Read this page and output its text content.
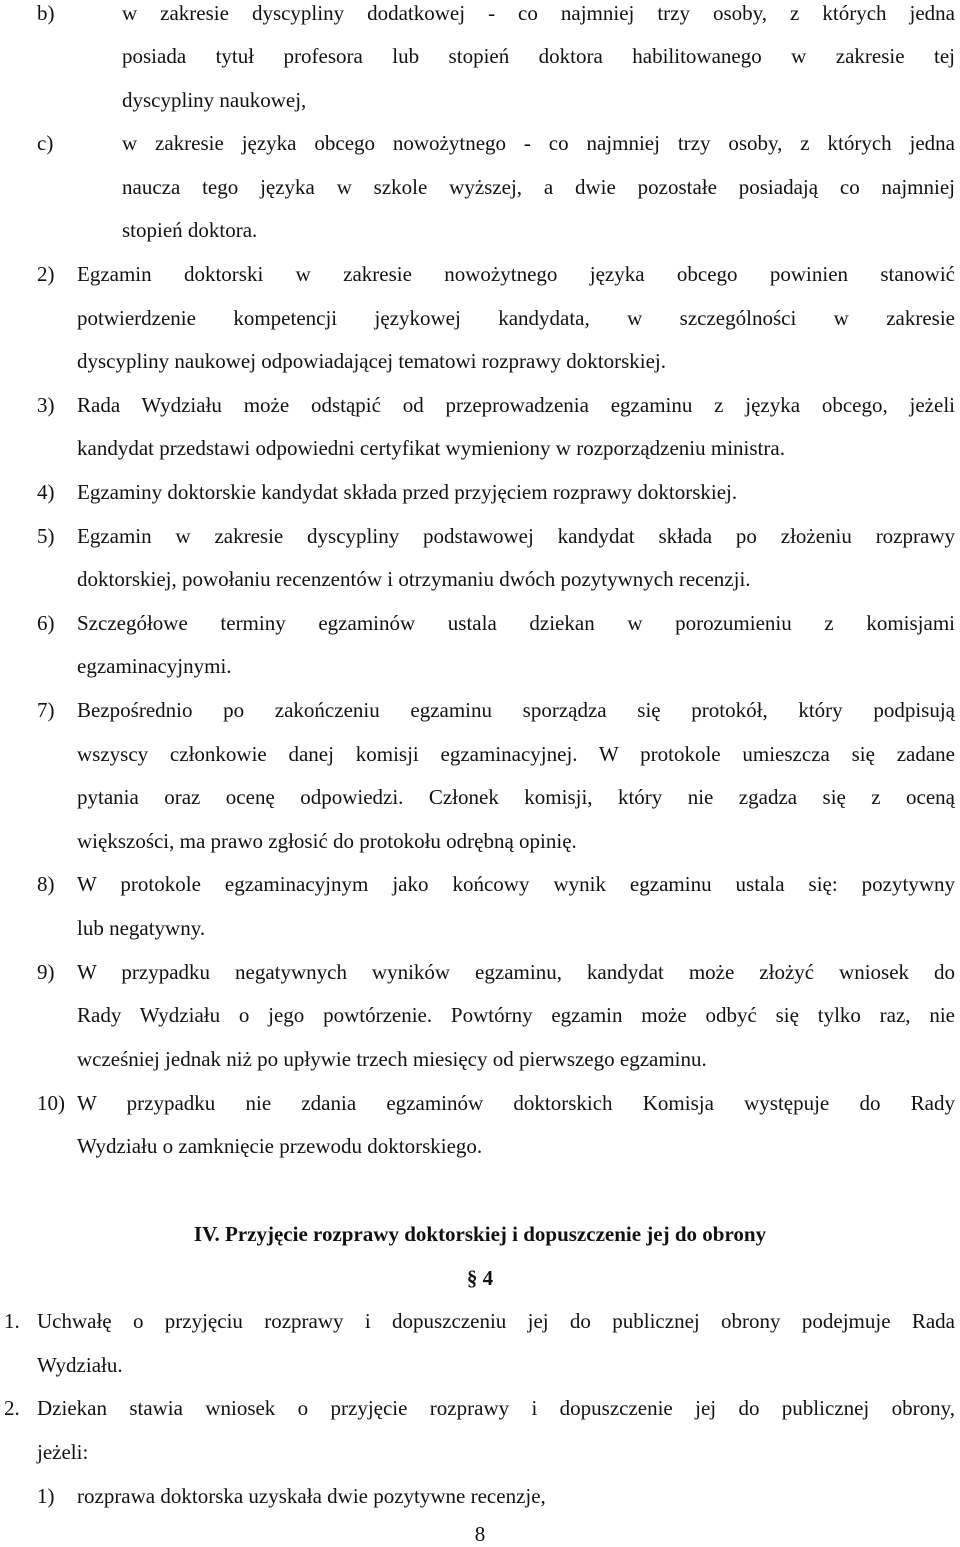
b)	w zakresie dyscypliny dodatkowej - co najmniej trzy osoby, z których jedna
posiada tytuł profesora lub stopień doktora habilitowanego w zakresie tej
dyscypliny naukowej,
c)	w zakresie języka obcego nowożytnego - co najmniej trzy osoby, z których jedna
naucza tego języka w szkole wyższej, a dwie pozostałe posiadają co najmniej
stopień doktora.
2) Egzamin doktorski w zakresie nowożytnego języka obcego powinien stanowić
potwierdzenie kompetencji językowej kandydata, w szczególności w zakresie
dyscypliny naukowej odpowiadającej tematowi rozprawy doktorskiej.
3) Rada Wydziału może odstąpić od przeprowadzenia egzaminu z języka obcego, jeżeli
kandydat przedstawi odpowiedni certyfikat wymieniony w rozporządzeniu ministra.
4) Egzaminy doktorskie kandydat składa przed przyjęciem rozprawy doktorskiej.
5) Egzamin w zakresie dyscypliny podstawowej kandydat składa po złożeniu rozprawy
doktorskiej, powołaniu recenzentów i otrzymaniu dwóch pozytywnych recenzji.
6) Szczegółowe terminy egzaminów ustala dziekan w porozumieniu z komisjami
egzaminacyjnymi.
7) Bezpośrednio po zakończeniu egzaminu sporządza się protokół, który podpisują
wszyscy członkowie danej komisji egzaminacyjnej. W protokole umieszcza się zadane
pytania oraz ocenę odpowiedzi. Członek komisji, który nie zgadza się z oceną
większości, ma prawo zgłosić do protokołu odrębną opinię.
8) W protokole egzaminacyjnym jako końcowy wynik egzaminu ustala się: pozytywny
lub negatywny.
9) W przypadku negatywnych wyników egzaminu, kandydat może złożyć wniosek do
Rady Wydziału o jego powtórzenie. Powtórny egzamin może odbyć się tylko raz, nie
wcześniej jednak niż po upływie trzech miesięcy od pierwszego egzaminu.
10) W przypadku nie zdania egzaminów doktorskich Komisja występuje do Rady
Wydziału o zamknięcie przewodu doktorskiego.
IV. Przyjęcie rozprawy doktorskiej i dopuszczenie jej do obrony
§ 4
1. Uchwałę o przyjęciu rozprawy i dopuszczeniu jej do publicznej obrony podejmuje Rada
Wydziału.
2. Dziekan stawia wniosek o przyjęcie rozprawy i dopuszczenie jej do publicznej obrony,
jeżeli:
1) rozprawa doktorska uzyskała dwie pozytywne recenzje,
8
